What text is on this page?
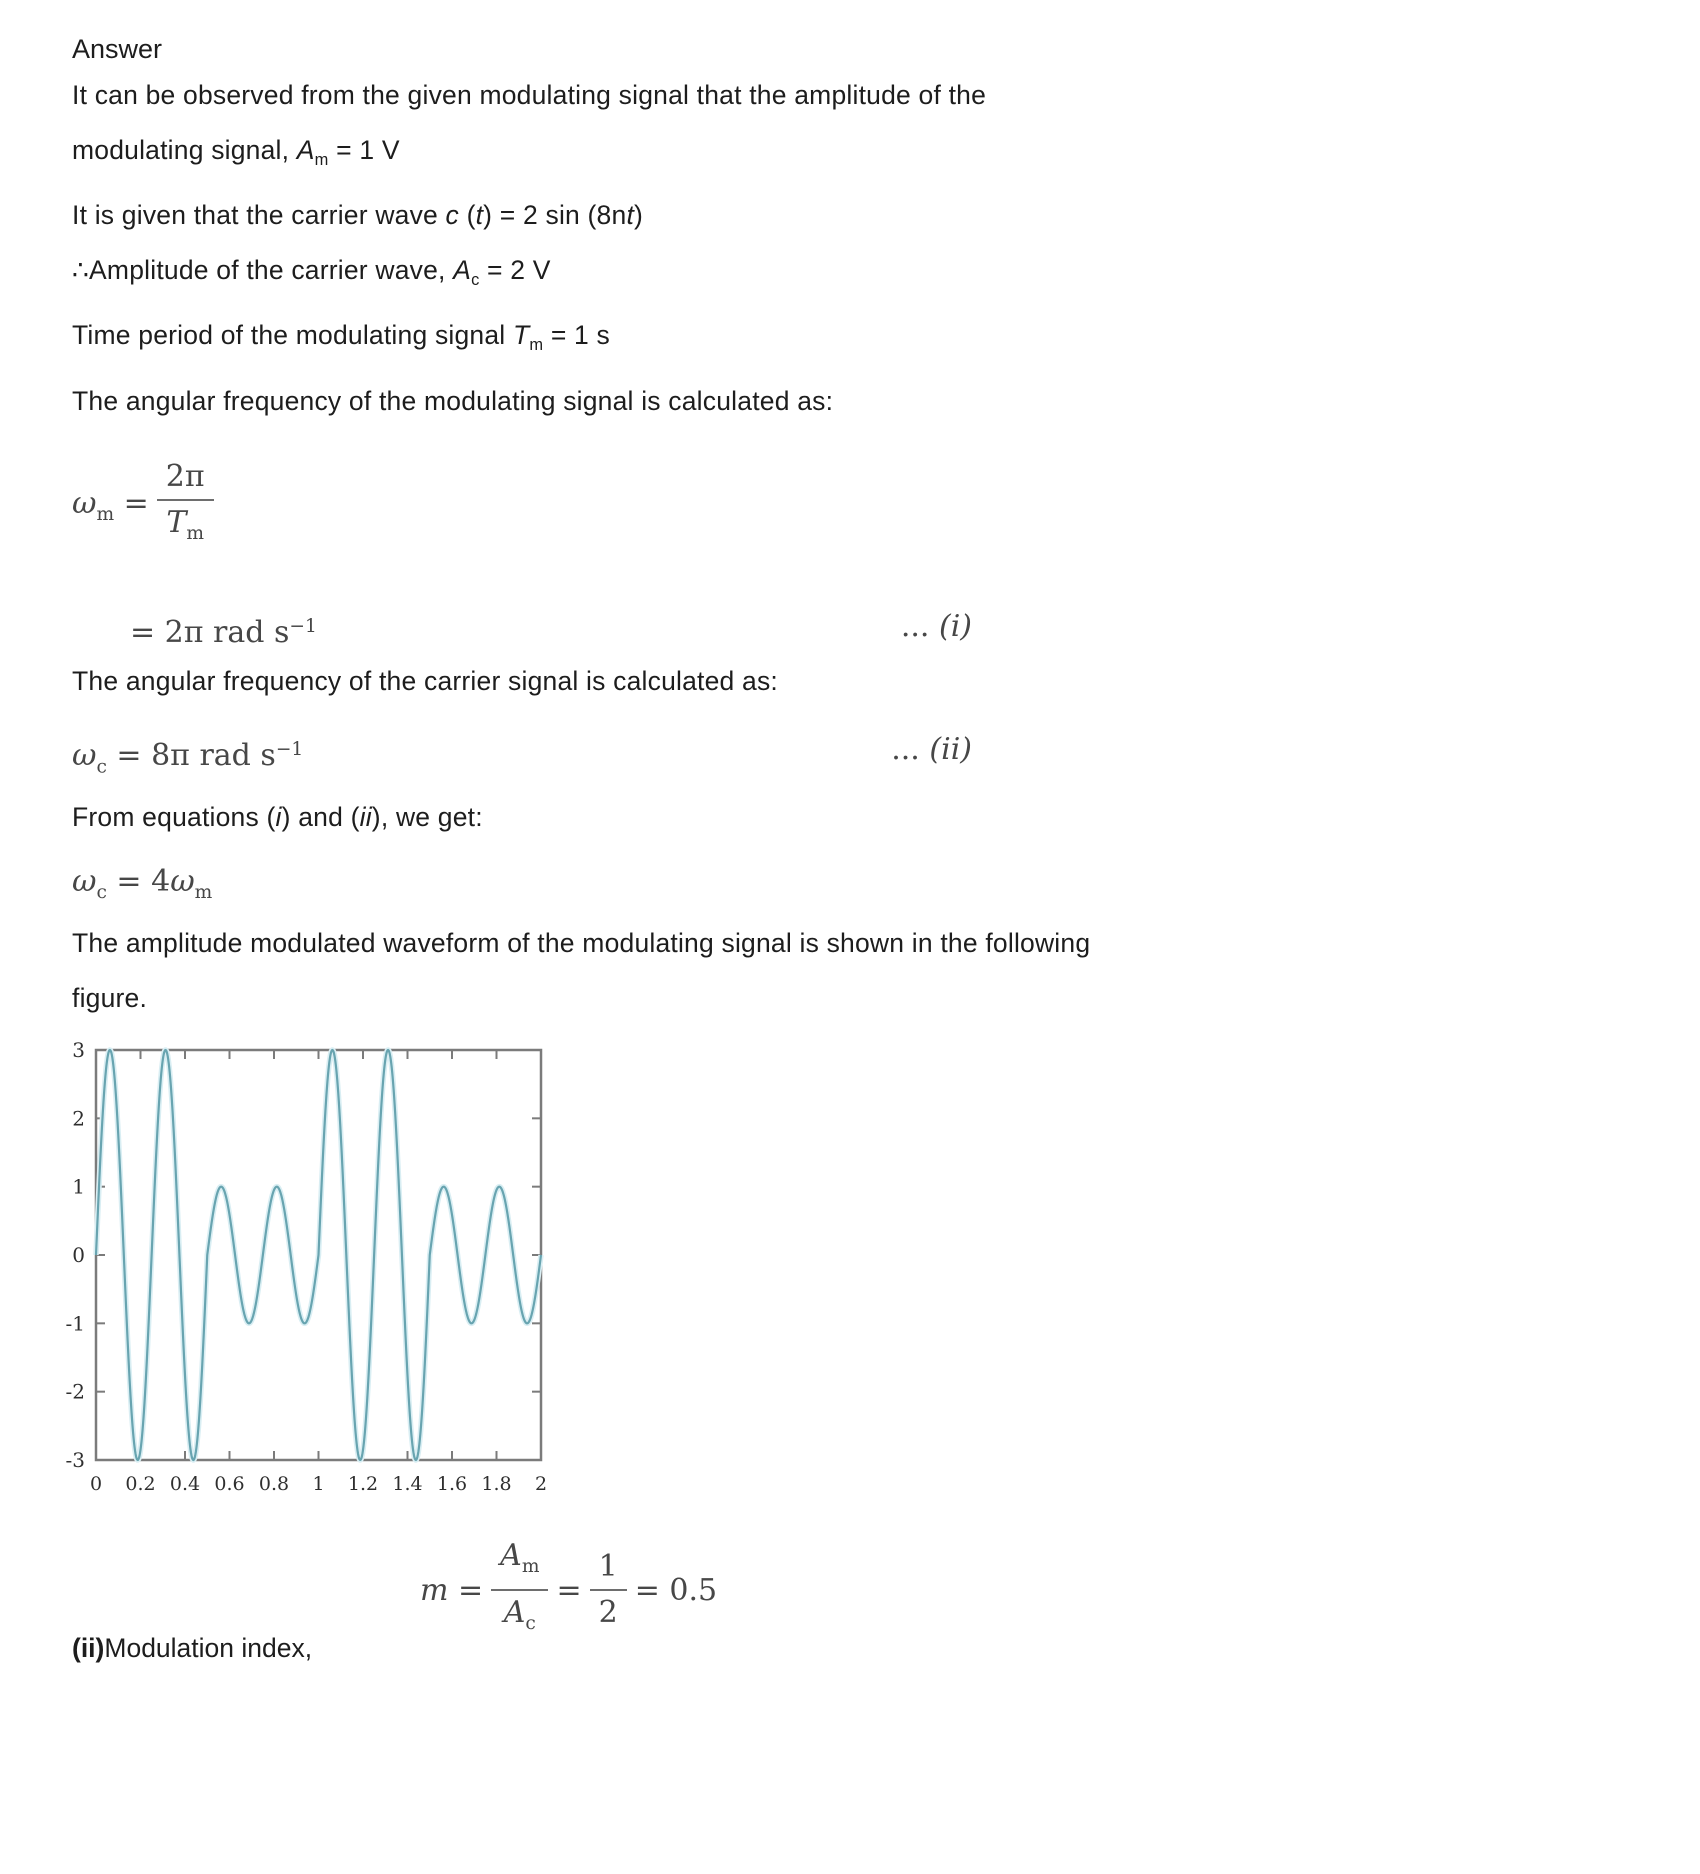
Answer

It can be observed from the given modulating signal that the amplitude of the

modulating signal, $A_m = 1$ V

It is given that the carrier wave c (t) = 2 sin (8nt)

∴Amplitude of the carrier wave, $A_c = 2$ V

Time period of the modulating signal $T_m = 1$ s

The angular frequency of the modulating signal is calculated as:

$\omega_m = \frac{2\pi}{T_m}$
= 2π rad $s^{-1}$	... (i)

The angular frequency of the carrier signal is calculated as:

$\omega_c = 8\pi$ rad $s^{-1}$	... (ii)

From equations (i) and (ii), we get:

$\omega_c = 4\omega_m$

The amplitude modulated waveform of the modulating signal is shown in the following

figure.

0 0.2 0.4 0.6 0.8 1 1.2 1.4 1.6 1.8 2
3
2
1
0
-1
-2
-3
$m = \frac{A_m}{A_c} = \frac{1}{2} = 0.5$

(ii)Modulation index,
